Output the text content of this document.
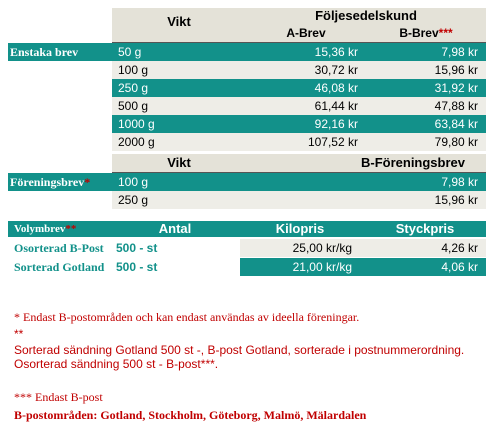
Vikt	Följesedelskund
A-Brev	B-Brev***
Enstaka brev	50 g	15,36 kr	7,98 kr
100 g	30,72 kr	15,96 kr
250 g	46,08 kr	31,92 kr
500 g	61,44 kr	47,88 kr
1000 g	92,16 kr	63,84 kr
2000 g	107,52 kr	79,80 kr
Vikt	B-Föreningsbrev
Föreningsbrev* 100 g	7,98 kr
250 g	15,96 kr
Volymbrev**	Antal	Kilopris	Styckpris
Osorterad B-Post 500 - st	25,00 kr/kg	4,26 kr
Sorterad Gotland 500 - st	21,00 kr/kg	4,06 kr
* Endast B-postområden och kan endast användas av ideella föreningar.
**
Sorterad sändning Gotland 500 st -, B-post Gotland, sorterade i postnummerordning.
Osorterad sändning 500 st - B-post***.
*** Endast B-post
B-postområden: Gotland, Stockholm, Göteborg, Malmö, Mälardalen
